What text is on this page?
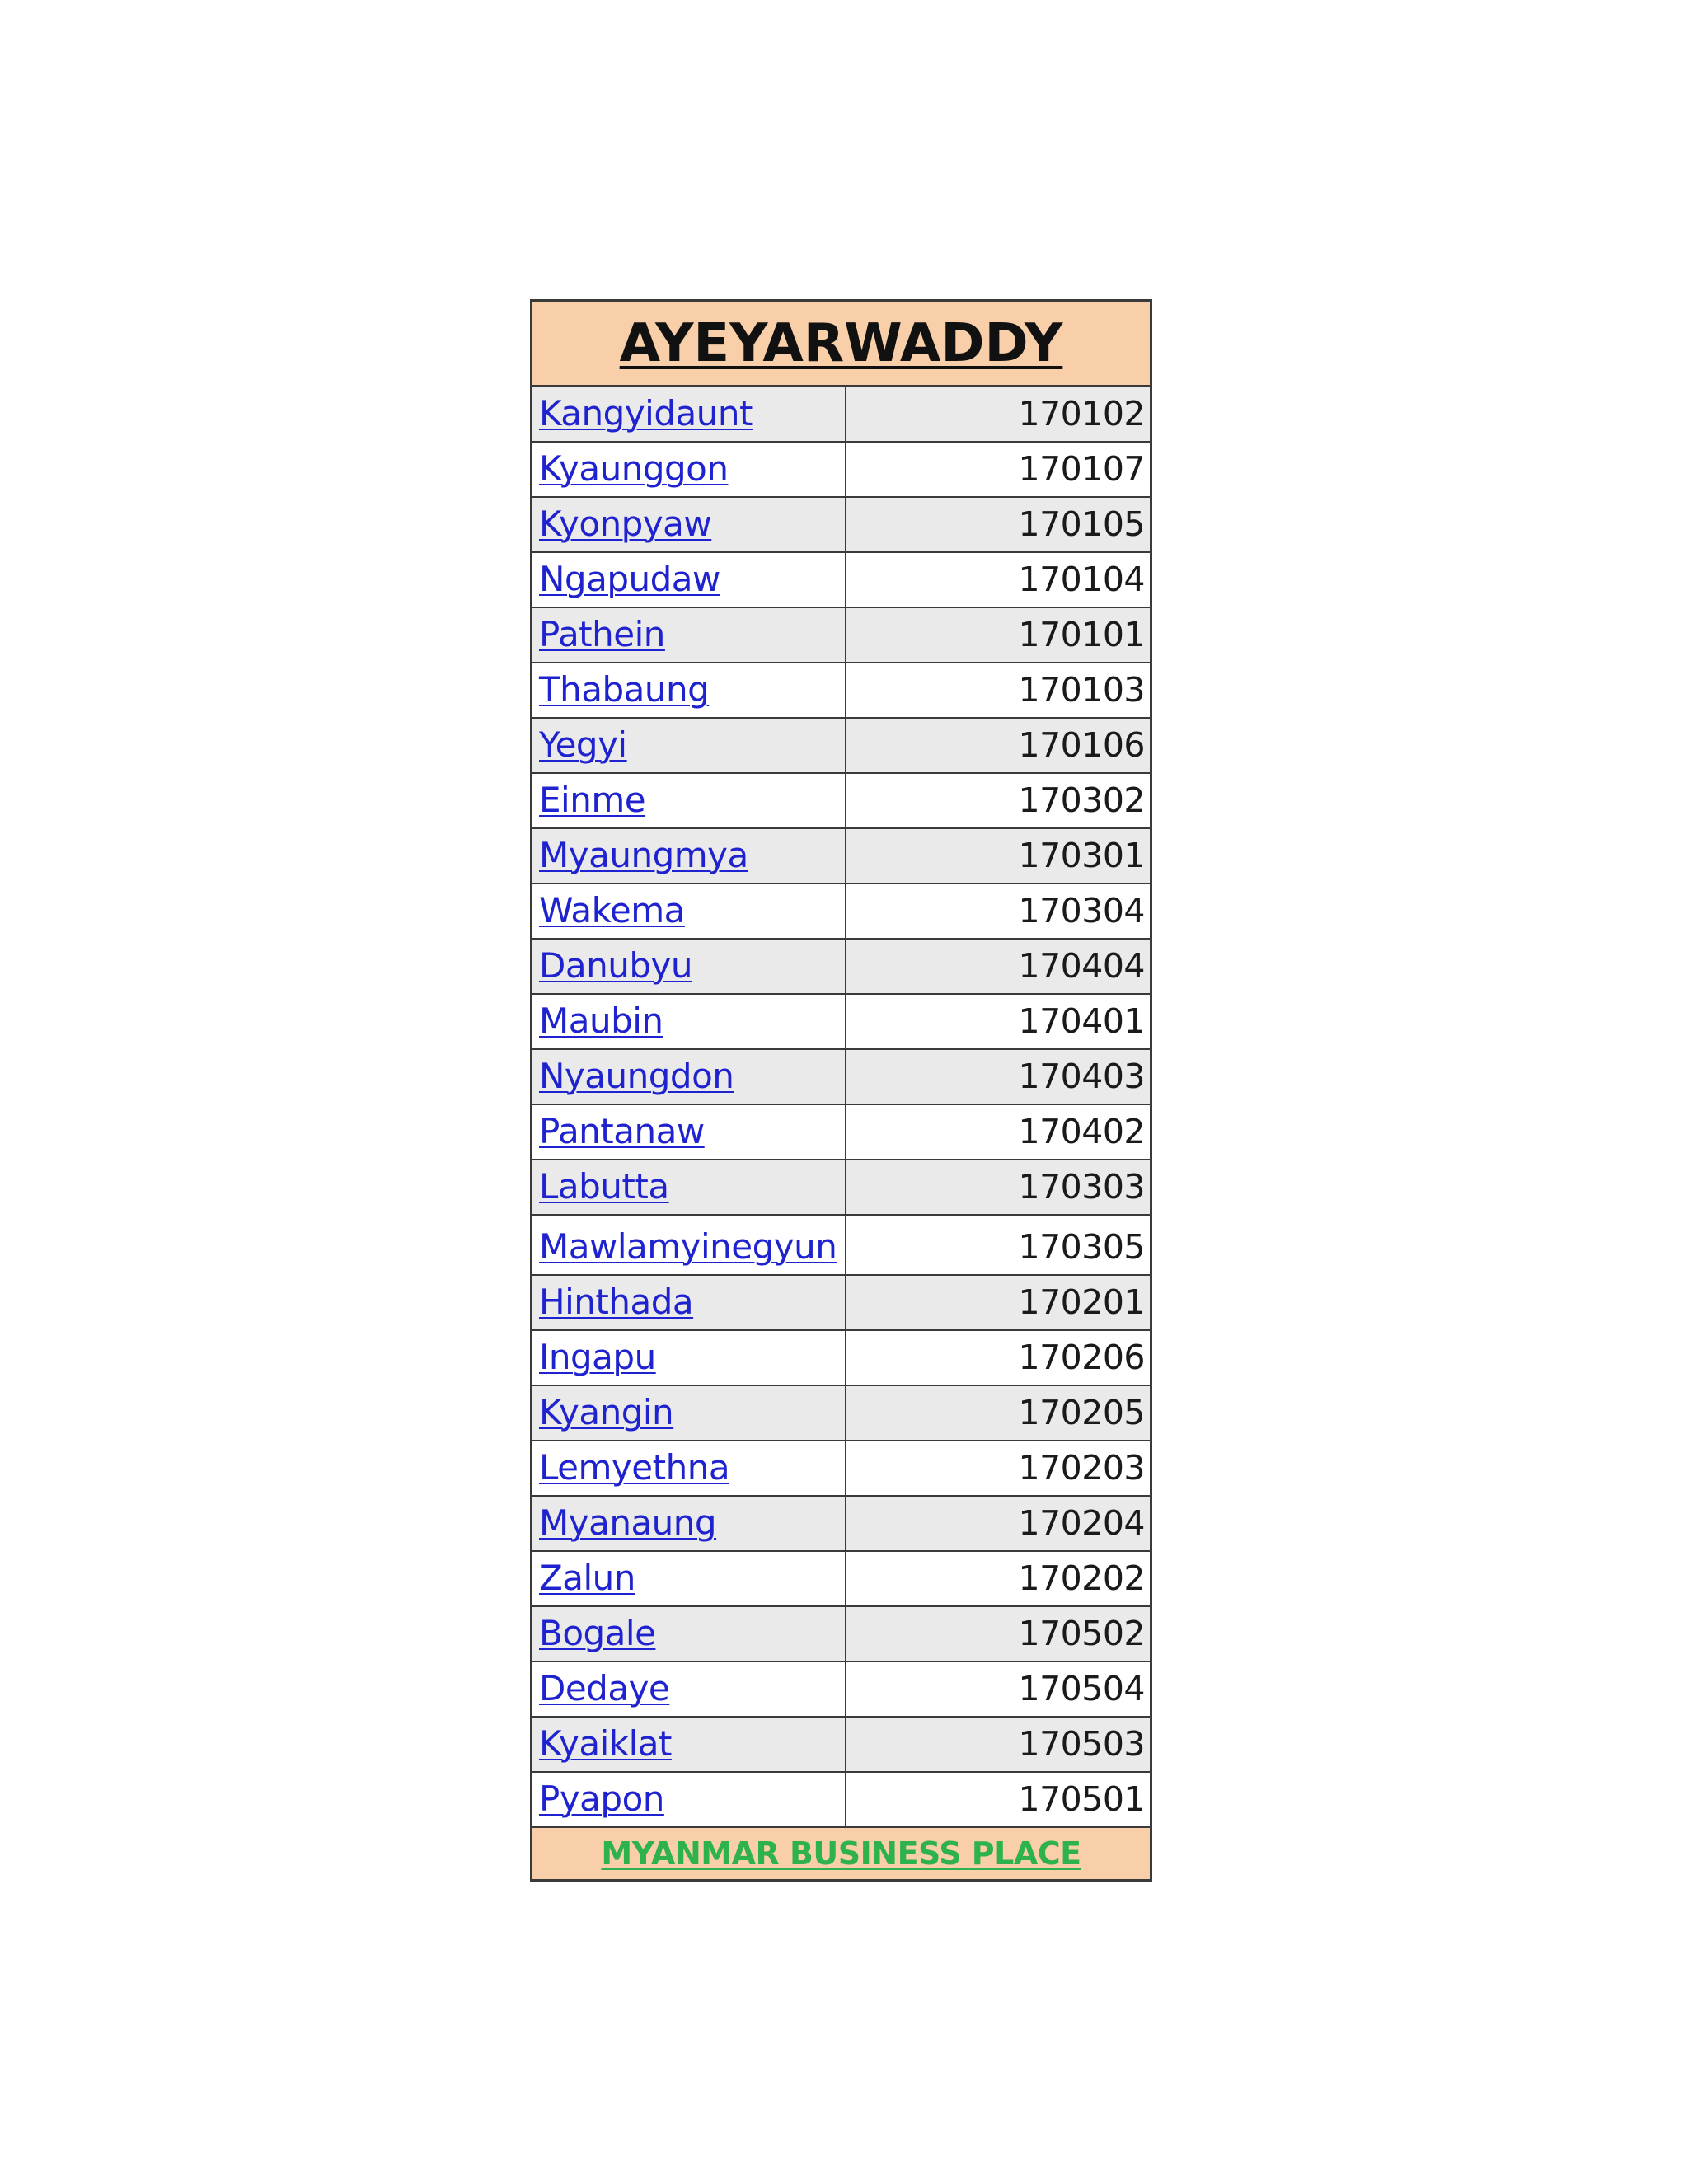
AYEYARWADDY
Kangyidaunt	170102
Kyaunggon	170107
Kyonpyaw	170105
Ngapudaw	170104
Pathein	170101
Thabaung	170103
Yegyi	170106
Einme	170302
Myaungmya	170301
Wakema	170304
Danubyu	170404
Maubin	170401
Nyaungdon	170403
Pantanaw	170402
Labutta	170303
Mawlamyinegyun	170305
Hinthada	170201
Ingapu	170206
Kyangin	170205
Lemyethna	170203
Myanaung	170204
Zalun	170202
Bogale	170502
Dedaye	170504
Kyaiklat	170503
Pyapon	170501
MYANMAR BUSINESS PLACE
